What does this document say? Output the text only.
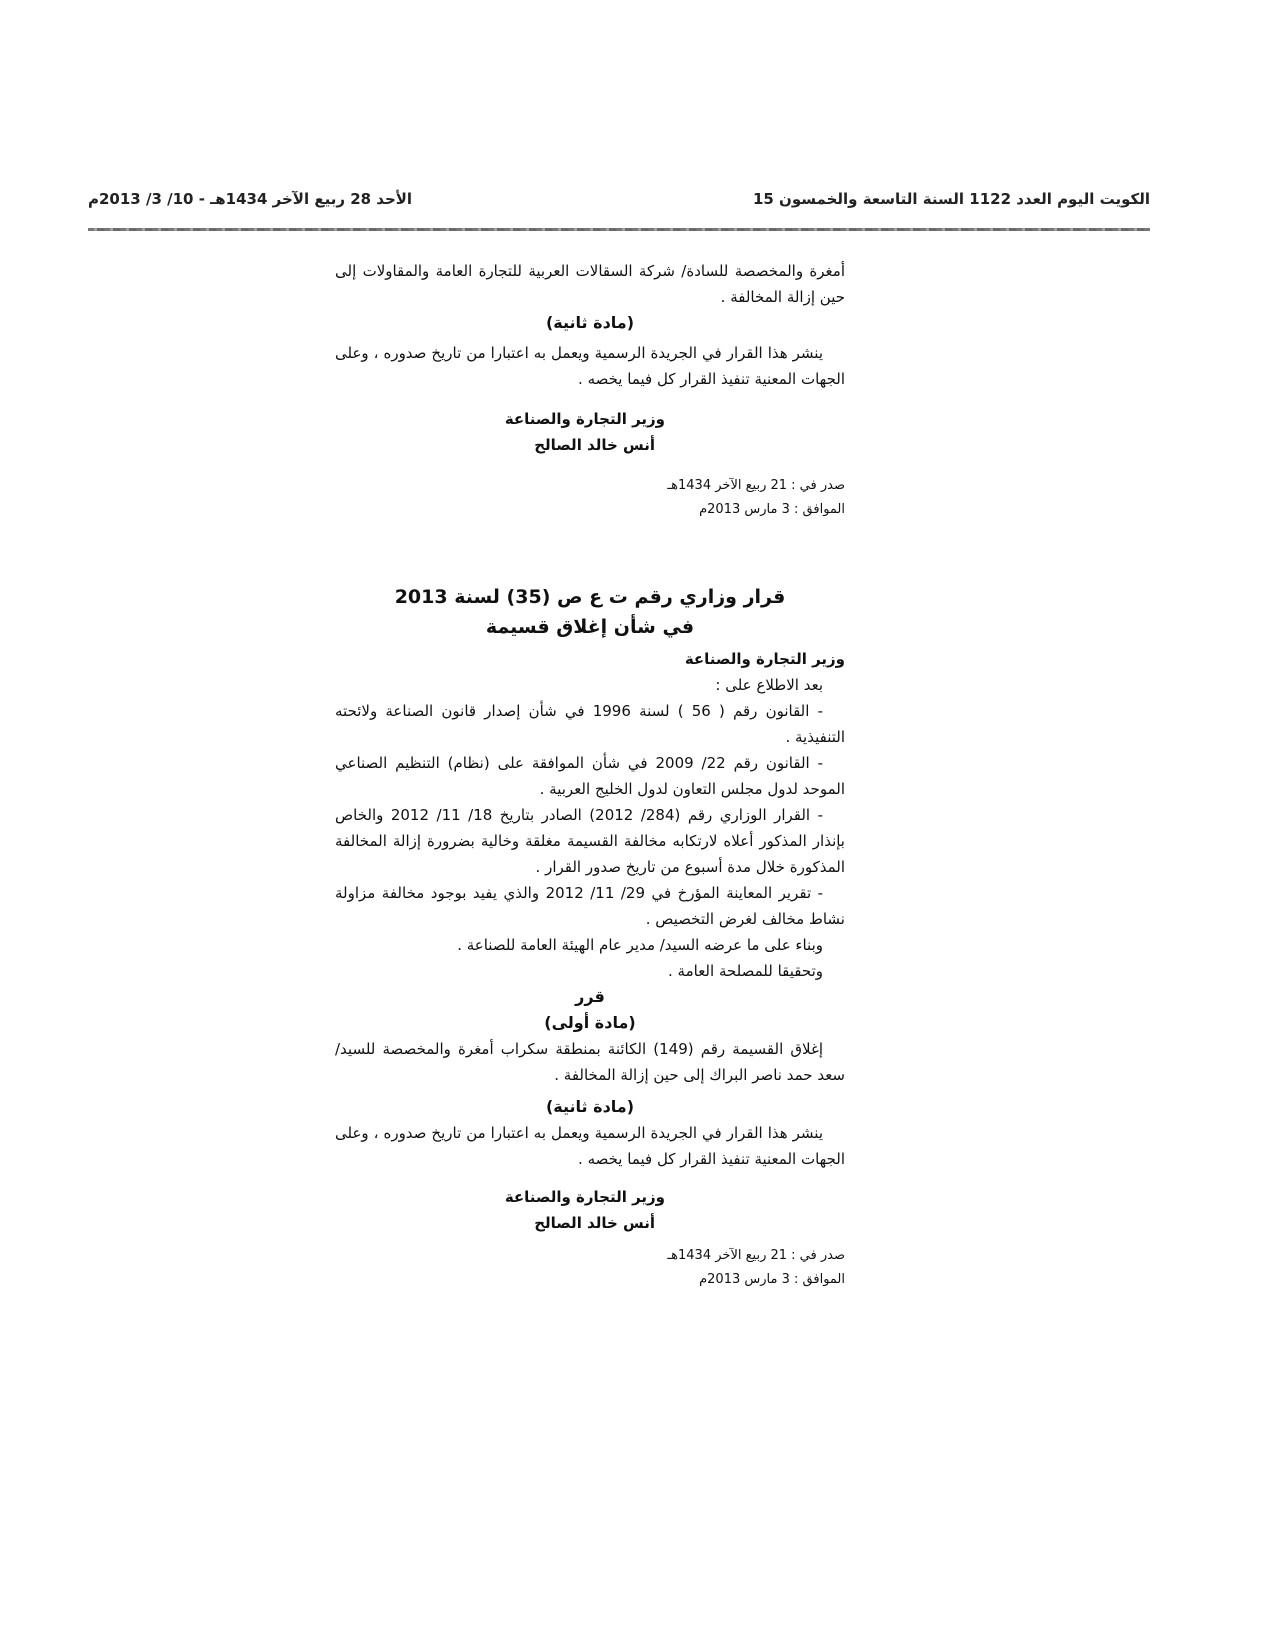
الكويت اليوم العدد 1122 السنة التاسعة والخمسون 15
الأحد 28 ربيع الآخر 1434هـ - 10/ 3/ 2013م

أمغرة والمخصصة للسادة/ شركة السقالات العربية للتجارة العامة والمقاولات إلى حين إزالة المخالفة .

(مادة ثانية)

ينشر هذا القرار في الجريدة الرسمية ويعمل به اعتبارا من تاريخ صدوره ، وعلى الجهات المعنية تنفيذ القرار كل فيما يخصه .

وزير التجارة والصناعة

أنس خالد الصالح

صدر في : 21 ربيع الآخر 1434هـ

الموافق : 3 مارس 2013م

قرار وزاري رقم ت ع ص (35) لسنة 2013

في شأن إغلاق قسيمة

وزير التجارة والصناعة

بعد الاطلاع على :

- القانون رقم ( 56 ) لسنة 1996 في شأن إصدار قانون الصناعة ولائحته التنفيذية .

- القانون رقم 22/ 2009 في شأن الموافقة على (نظام) التنظيم الصناعي الموحد لدول مجلس التعاون لدول الخليج العربية .

- القرار الوزاري رقم (284/ 2012) الصادر بتاريخ 18/ 11/ 2012 والخاص بإنذار المذكور أعلاه لارتكابه مخالفة القسيمة مغلقة وخالية بضرورة إزالة المخالفة المذكورة خلال مدة أسبوع من تاريخ صدور القرار .

- تقرير المعاينة المؤرخ في 29/ 11/ 2012 والذي يفيد بوجود مخالفة مزاولة نشاط مخالف لغرض التخصيص .

وبناء على ما عرضه السيد/ مدير عام الهيئة العامة للصناعة .

وتحقيقا للمصلحة العامة .

قرر

(مادة أولى)

إغلاق القسيمة رقم (149) الكائنة بمنطقة سكراب أمغرة والمخصصة للسيد/ سعد حمد ناصر البراك إلى حين إزالة المخالفة .

(مادة ثانية)

ينشر هذا القرار في الجريدة الرسمية ويعمل به اعتبارا من تاريخ صدوره ، وعلى الجهات المعنية تنفيذ القرار كل فيما يخصه .

وزير التجارة والصناعة

أنس خالد الصالح

صدر في : 21 ربيع الآخر 1434هـ

الموافق : 3 مارس 2013م
